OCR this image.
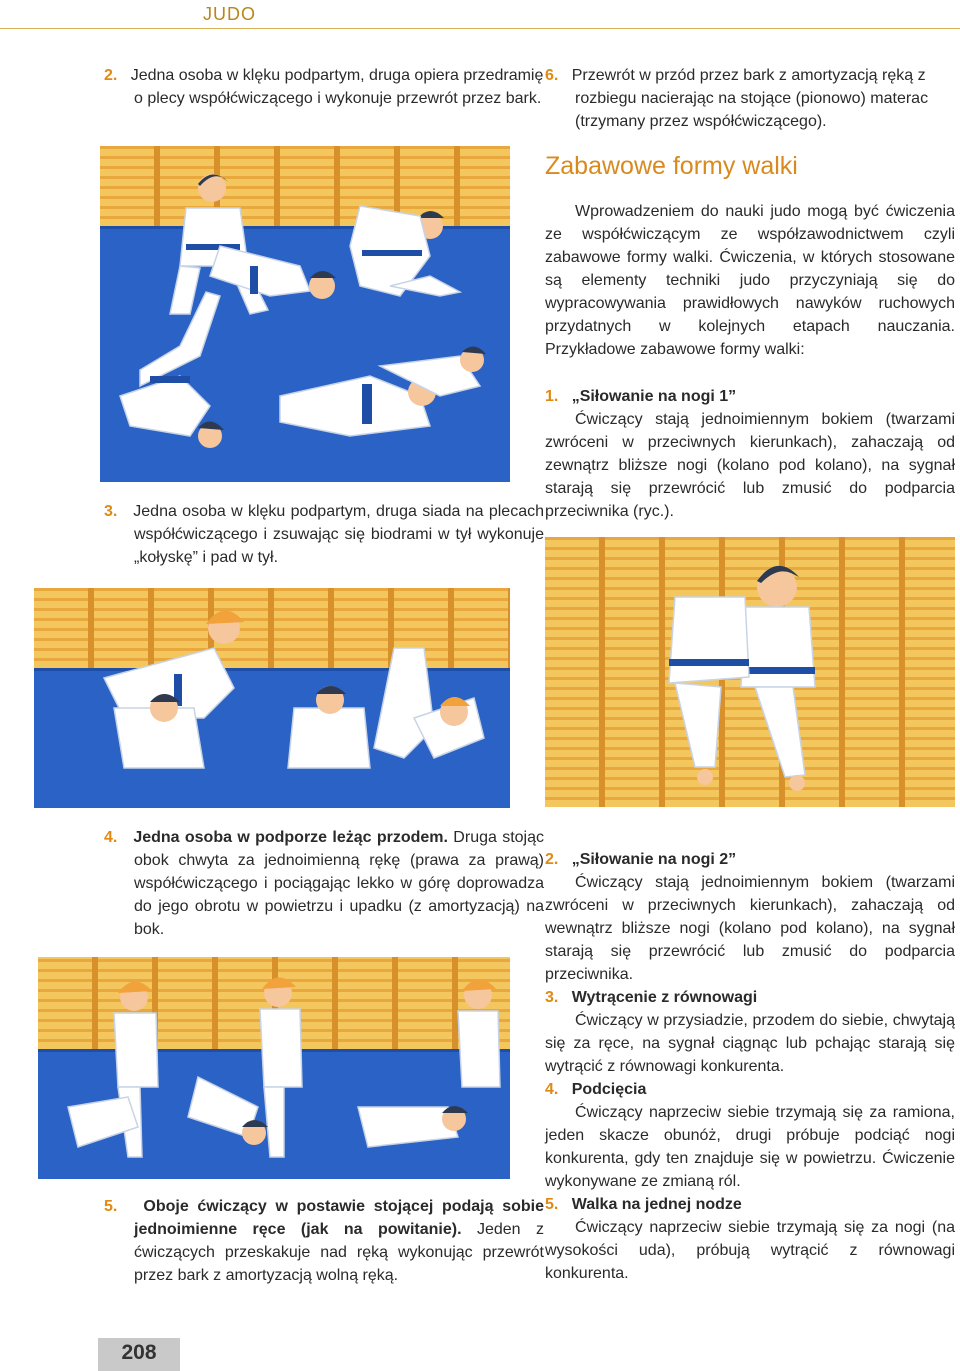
JUDO
2. Jedna osoba w klęku podpartym, druga opiera przedramię o plecy współćwiczącego i wykonuje przewrót przez bark.
6. Przewrót w przód przez bark z amortyzacją ręką z rozbiegu nacierając na stojące (pionowo) materac (trzymany przez współćwiczącego).
Zabawowe formy walki
Wprowadzeniem do nauki judo mogą być ćwiczenia ze współćwiczącym ze współzawodnictwem czyli zabawowe formy walki. Ćwiczenia, w których stosowane są elementy techniki judo przyczyniają się do wypracowywania prawidłowych nawyków ruchowych przydatnych w kolejnych etapach nauczania. Przykładowe zabawowe formy walki:
1. „Siłowanie na nogi 1”
Ćwiczący stają jednoimiennym bokiem (twarzami zwróceni w przeciwnych kierunkach), zahaczają od zewnątrz bliższe nogi (kolano pod kolano), na sygnał starają się przewrócić lub zmusić do podparcia przeciwnika (ryc.).
3. Jedna osoba w klęku podpartym, druga siada na plecach współćwiczącego i zsuwając się biodrami w tył wykonuje „kołyskę” i pad w tył.
4. Jedna osoba w podporze leżąc przodem. Druga stojąc obok chwyta za jednoimienną rękę (prawa za prawą) współćwiczącego i pociągając lekko w górę doprowadza do jego obrotu w powietrzu i upadku (z amortyzacją) na bok.
5. Oboje ćwiczący w postawie stojącej podają sobie jednoimienne ręce (jak na powitanie). Jeden z ćwiczących przeskakuje nad ręką wykonując przewrót przez bark z amortyzacją wolną ręką.
2. „Siłowanie na nogi 2”
Ćwiczący stają jednoimiennym bokiem (twarzami zwróceni w przeciwnych kierunkach), zahaczają od wewnątrz bliższe nogi (kolano pod kolano), na sygnał starają się przewrócić lub zmusić do podparcia przeciwnika.
3. Wytrącenie z równowagi
Ćwiczący w przysiadzie, przodem do siebie, chwytają się za ręce, na sygnał ciągnąc lub pchając starają się wytrącić z równowagi konkurenta.
4. Podcięcia
Ćwiczący naprzeciw siebie trzymają się za ramiona, jeden skacze obunóż, drugi próbuje podciąć nogi konkurenta, gdy ten znajduje się w powietrzu. Ćwiczenie wykonywane ze zmianą ról.
5. Walka na jednej nodze
Ćwiczący naprzeciw siebie trzymają się za nogi (na wysokości uda), próbują wytrącić z równowagi konkurenta.
208
